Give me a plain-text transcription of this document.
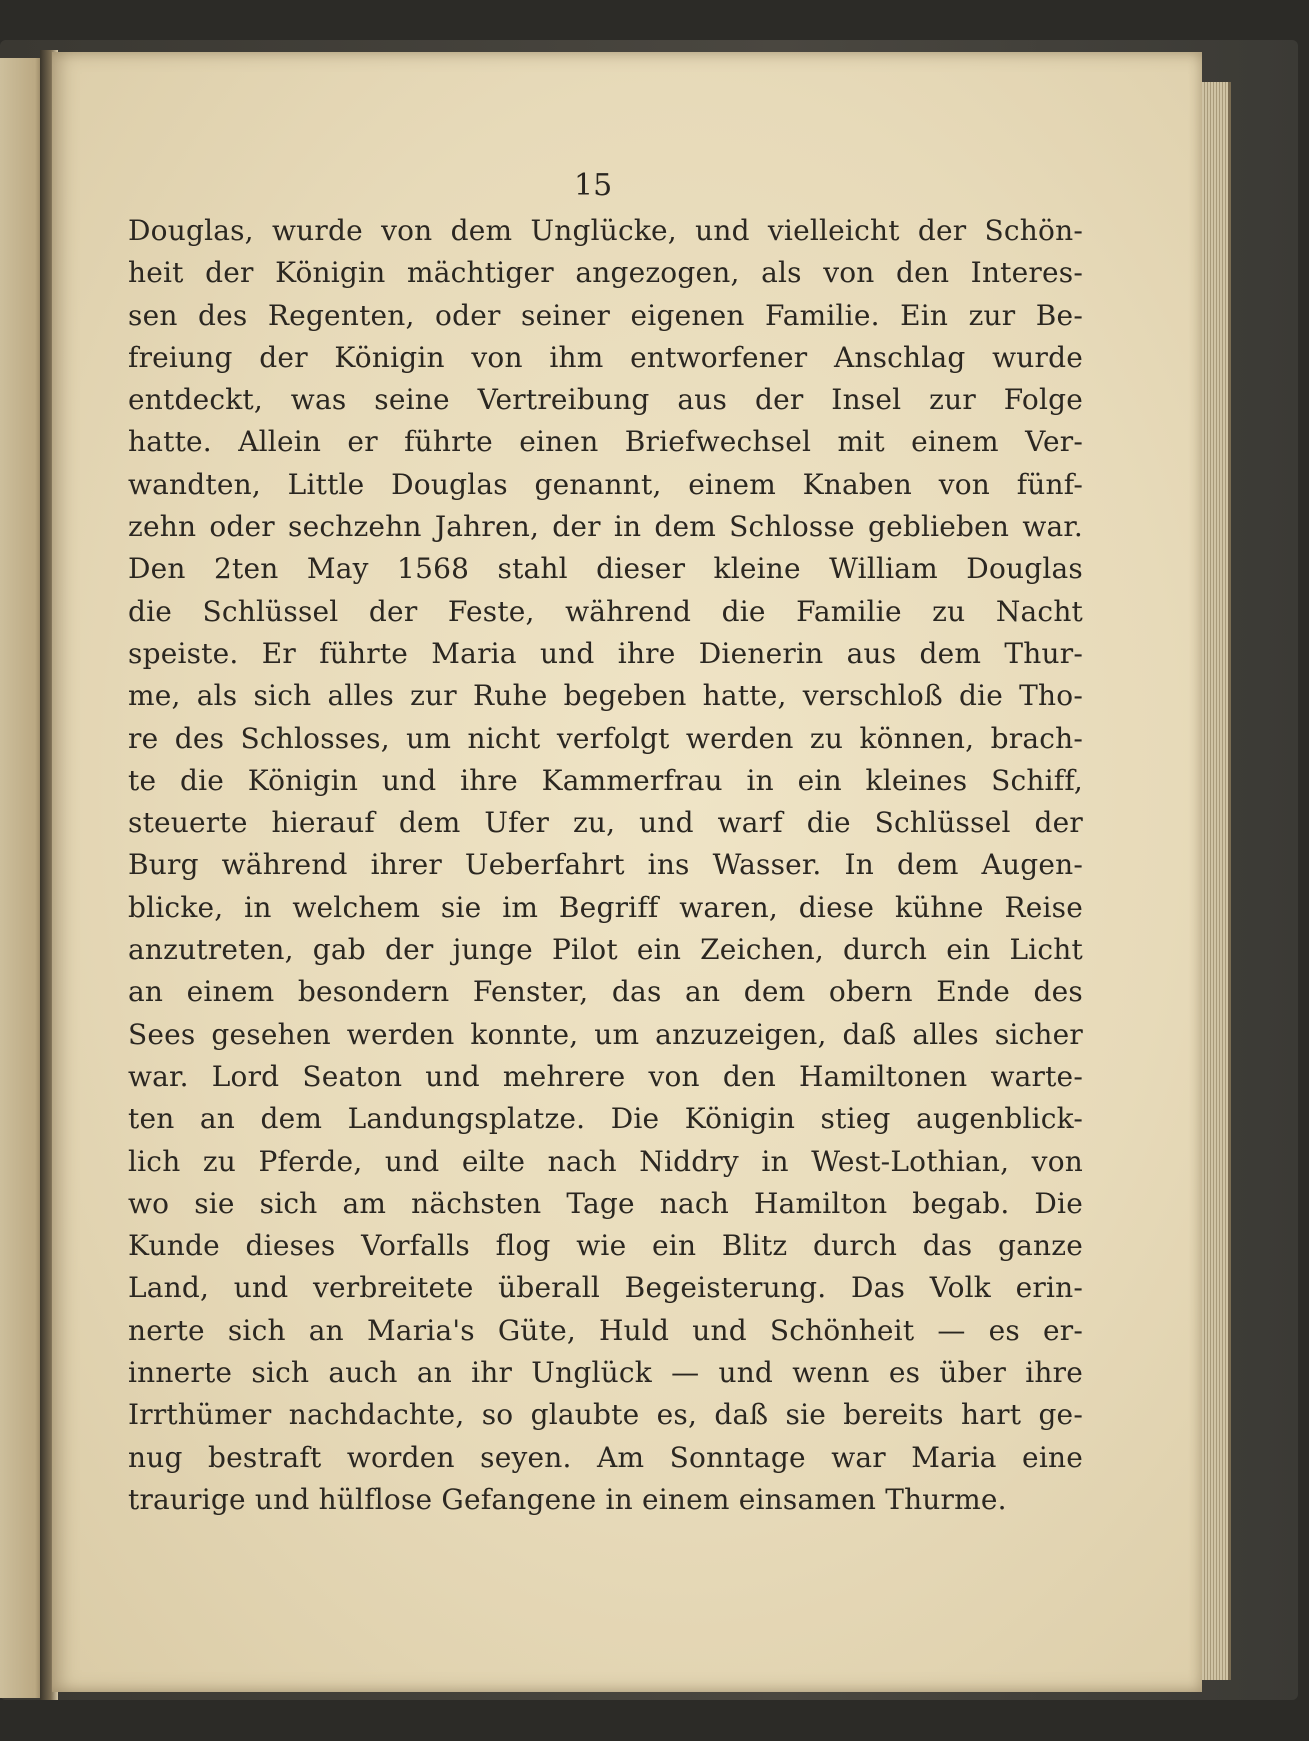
15
Douglas, wurde von dem Unglücke, und vielleicht der Schön-
heit der Königin mächtiger angezogen, als von den Interes-
sen des Regenten, oder seiner eigenen Familie. Ein zur Be-
freiung der Königin von ihm entworfener Anschlag wurde
entdeckt, was seine Vertreibung aus der Insel zur Folge
hatte. Allein er führte einen Briefwechsel mit einem Ver-
wandten, Little Douglas genannt, einem Knaben von fünf-
zehn oder sechzehn Jahren, der in dem Schlosse geblieben war.
Den 2ten May 1568 stahl dieser kleine William Douglas
die Schlüssel der Feste, während die Familie zu Nacht
speiste. Er führte Maria und ihre Dienerin aus dem Thur-
me, als sich alles zur Ruhe begeben hatte, verschloß die Tho-
re des Schlosses, um nicht verfolgt werden zu können, brach-
te die Königin und ihre Kammerfrau in ein kleines Schiff,
steuerte hierauf dem Ufer zu, und warf die Schlüssel der
Burg während ihrer Ueberfahrt ins Wasser. In dem Augen-
blicke, in welchem sie im Begriff waren, diese kühne Reise
anzutreten, gab der junge Pilot ein Zeichen, durch ein Licht
an einem besondern Fenster, das an dem obern Ende des
Sees gesehen werden konnte, um anzuzeigen, daß alles sicher
war. Lord Seaton und mehrere von den Hamiltonen warte-
ten an dem Landungsplatze. Die Königin stieg augenblick-
lich zu Pferde, und eilte nach Niddry in West-Lothian, von
wo sie sich am nächsten Tage nach Hamilton begab. Die
Kunde dieses Vorfalls flog wie ein Blitz durch das ganze
Land, und verbreitete überall Begeisterung. Das Volk erin-
nerte sich an Maria's Güte, Huld und Schönheit — es er-
innerte sich auch an ihr Unglück — und wenn es über ihre
Irrthümer nachdachte, so glaubte es, daß sie bereits hart ge-
nug bestraft worden seyen. Am Sonntage war Maria eine
traurige und hülflose Gefangene in einem einsamen Thurme.
